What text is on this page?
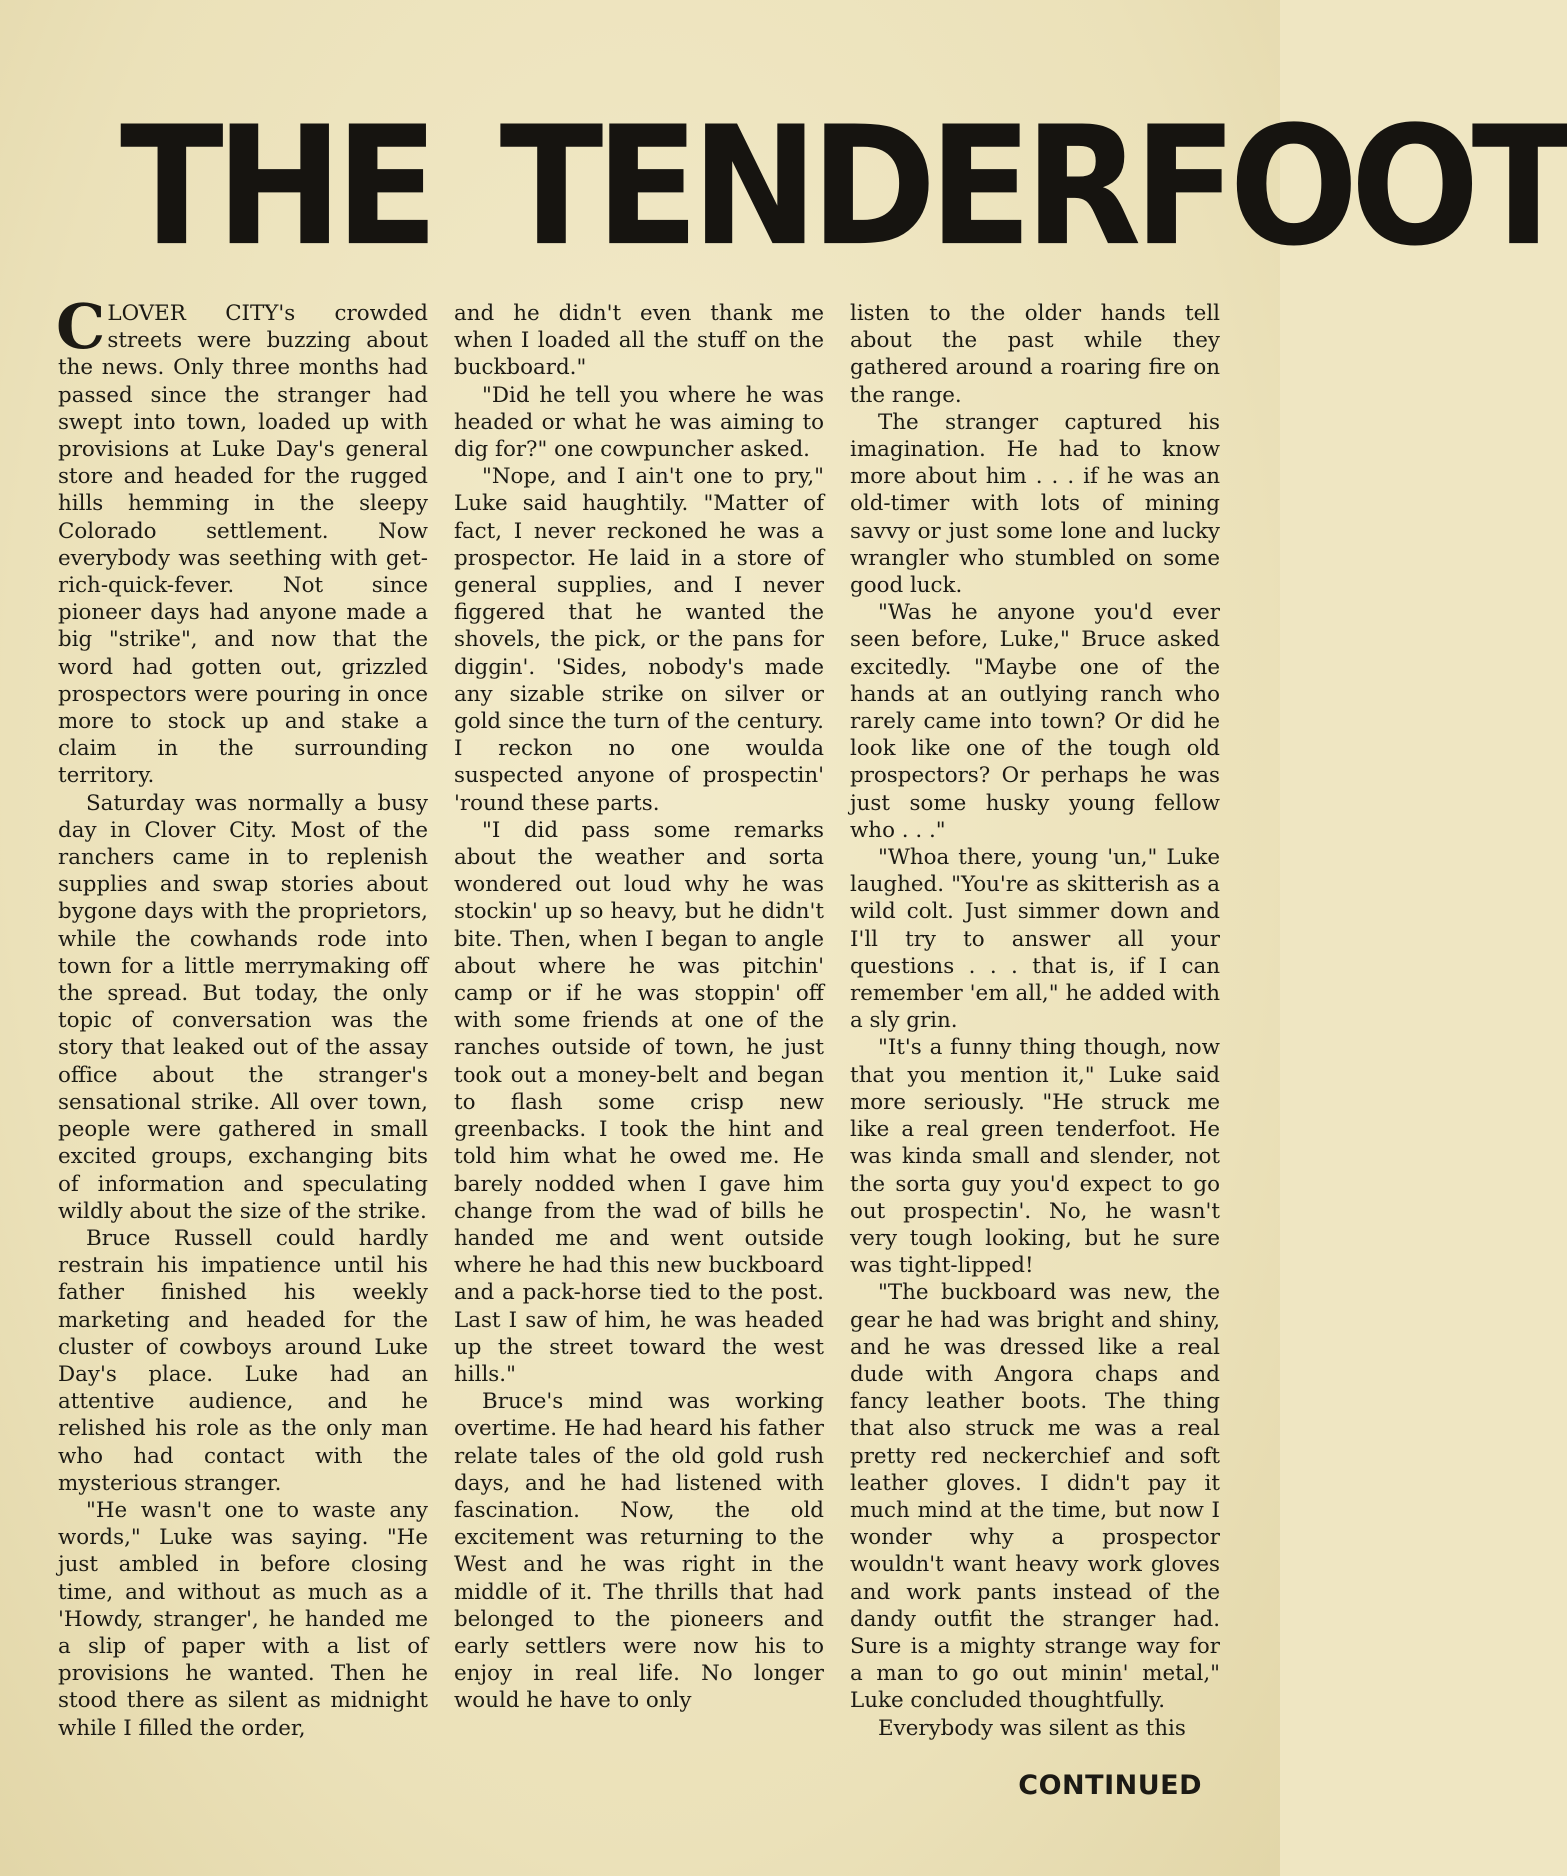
THE TENDERFOOT

CLOVER CITY's crowded streets were buzzing about the news. Only three months had passed since the stranger had swept into town, loaded up with provisions at Luke Day's general store and headed for the rugged hills hemming in the sleepy Colorado settlement. Now everybody was seething with get-rich-quick-fever. Not since pioneer days had anyone made a big "strike", and now that the word had gotten out, grizzled prospectors were pouring in once more to stock up and stake a claim in the surrounding territory.

Saturday was normally a busy day in Clover City. Most of the ranchers came in to replenish supplies and swap stories about bygone days with the proprietors, while the cowhands rode into town for a little merrymaking off the spread. But today, the only topic of conversation was the story that leaked out of the assay office about the stranger's sensational strike. All over town, people were gathered in small excited groups, exchanging bits of information and speculating wildly about the size of the strike.

Bruce Russell could hardly restrain his impatience until his father finished his weekly marketing and headed for the cluster of cowboys around Luke Day's place. Luke had an attentive audience, and he relished his role as the only man who had contact with the mysterious stranger.

"He wasn't one to waste any words," Luke was saying. "He just ambled in before closing time, and without as much as a 'Howdy, stranger', he handed me a slip of paper with a list of provisions he wanted. Then he stood there as silent as midnight while I filled the order,

and he didn't even thank me when I loaded all the stuff on the buckboard."

"Did he tell you where he was headed or what he was aiming to dig for?" one cowpuncher asked.

"Nope, and I ain't one to pry," Luke said haughtily. "Matter of fact, I never reckoned he was a prospector. He laid in a store of general supplies, and I never figgered that he wanted the shovels, the pick, or the pans for diggin'. 'Sides, nobody's made any sizable strike on silver or gold since the turn of the century. I reckon no one woulda suspected anyone of prospectin' 'round these parts.

"I did pass some remarks about the weather and sorta wondered out loud why he was stockin' up so heavy, but he didn't bite. Then, when I began to angle about where he was pitchin' camp or if he was stoppin' off with some friends at one of the ranches outside of town, he just took out a money-belt and began to flash some crisp new greenbacks. I took the hint and told him what he owed me. He barely nodded when I gave him change from the wad of bills he handed me and went outside where he had this new buckboard and a pack-horse tied to the post. Last I saw of him, he was headed up the street toward the west hills."

Bruce's mind was working overtime. He had heard his father relate tales of the old gold rush days, and he had listened with fascination. Now, the old excitement was returning to the West and he was right in the middle of it. The thrills that had belonged to the pioneers and early settlers were now his to enjoy in real life. No longer would he have to only

listen to the older hands tell about the past while they gathered around a roaring fire on the range.

The stranger captured his imagination. He had to know more about him . . . if he was an old-timer with lots of mining savvy or just some lone and lucky wrangler who stumbled on some good luck.

"Was he anyone you'd ever seen before, Luke," Bruce asked excitedly. "Maybe one of the hands at an outlying ranch who rarely came into town? Or did he look like one of the tough old prospectors? Or perhaps he was just some husky young fellow who . . ."

"Whoa there, young 'un," Luke laughed. "You're as skitterish as a wild colt. Just simmer down and I'll try to answer all your questions . . . that is, if I can remember 'em all," he added with a sly grin.

"It's a funny thing though, now that you mention it," Luke said more seriously. "He struck me like a real green tenderfoot. He was kinda small and slender, not the sorta guy you'd expect to go out prospectin'. No, he wasn't very tough looking, but he sure was tight-lipped!

"The buckboard was new, the gear he had was bright and shiny, and he was dressed like a real dude with Angora chaps and fancy leather boots. The thing that also struck me was a real pretty red neckerchief and soft leather gloves. I didn't pay it much mind at the time, but now I wonder why a prospector wouldn't want heavy work gloves and work pants instead of the dandy outfit the stranger had. Sure is a mighty strange way for a man to go out minin' metal," Luke concluded thoughtfully.

Everybody was silent as this

CONTINUED
